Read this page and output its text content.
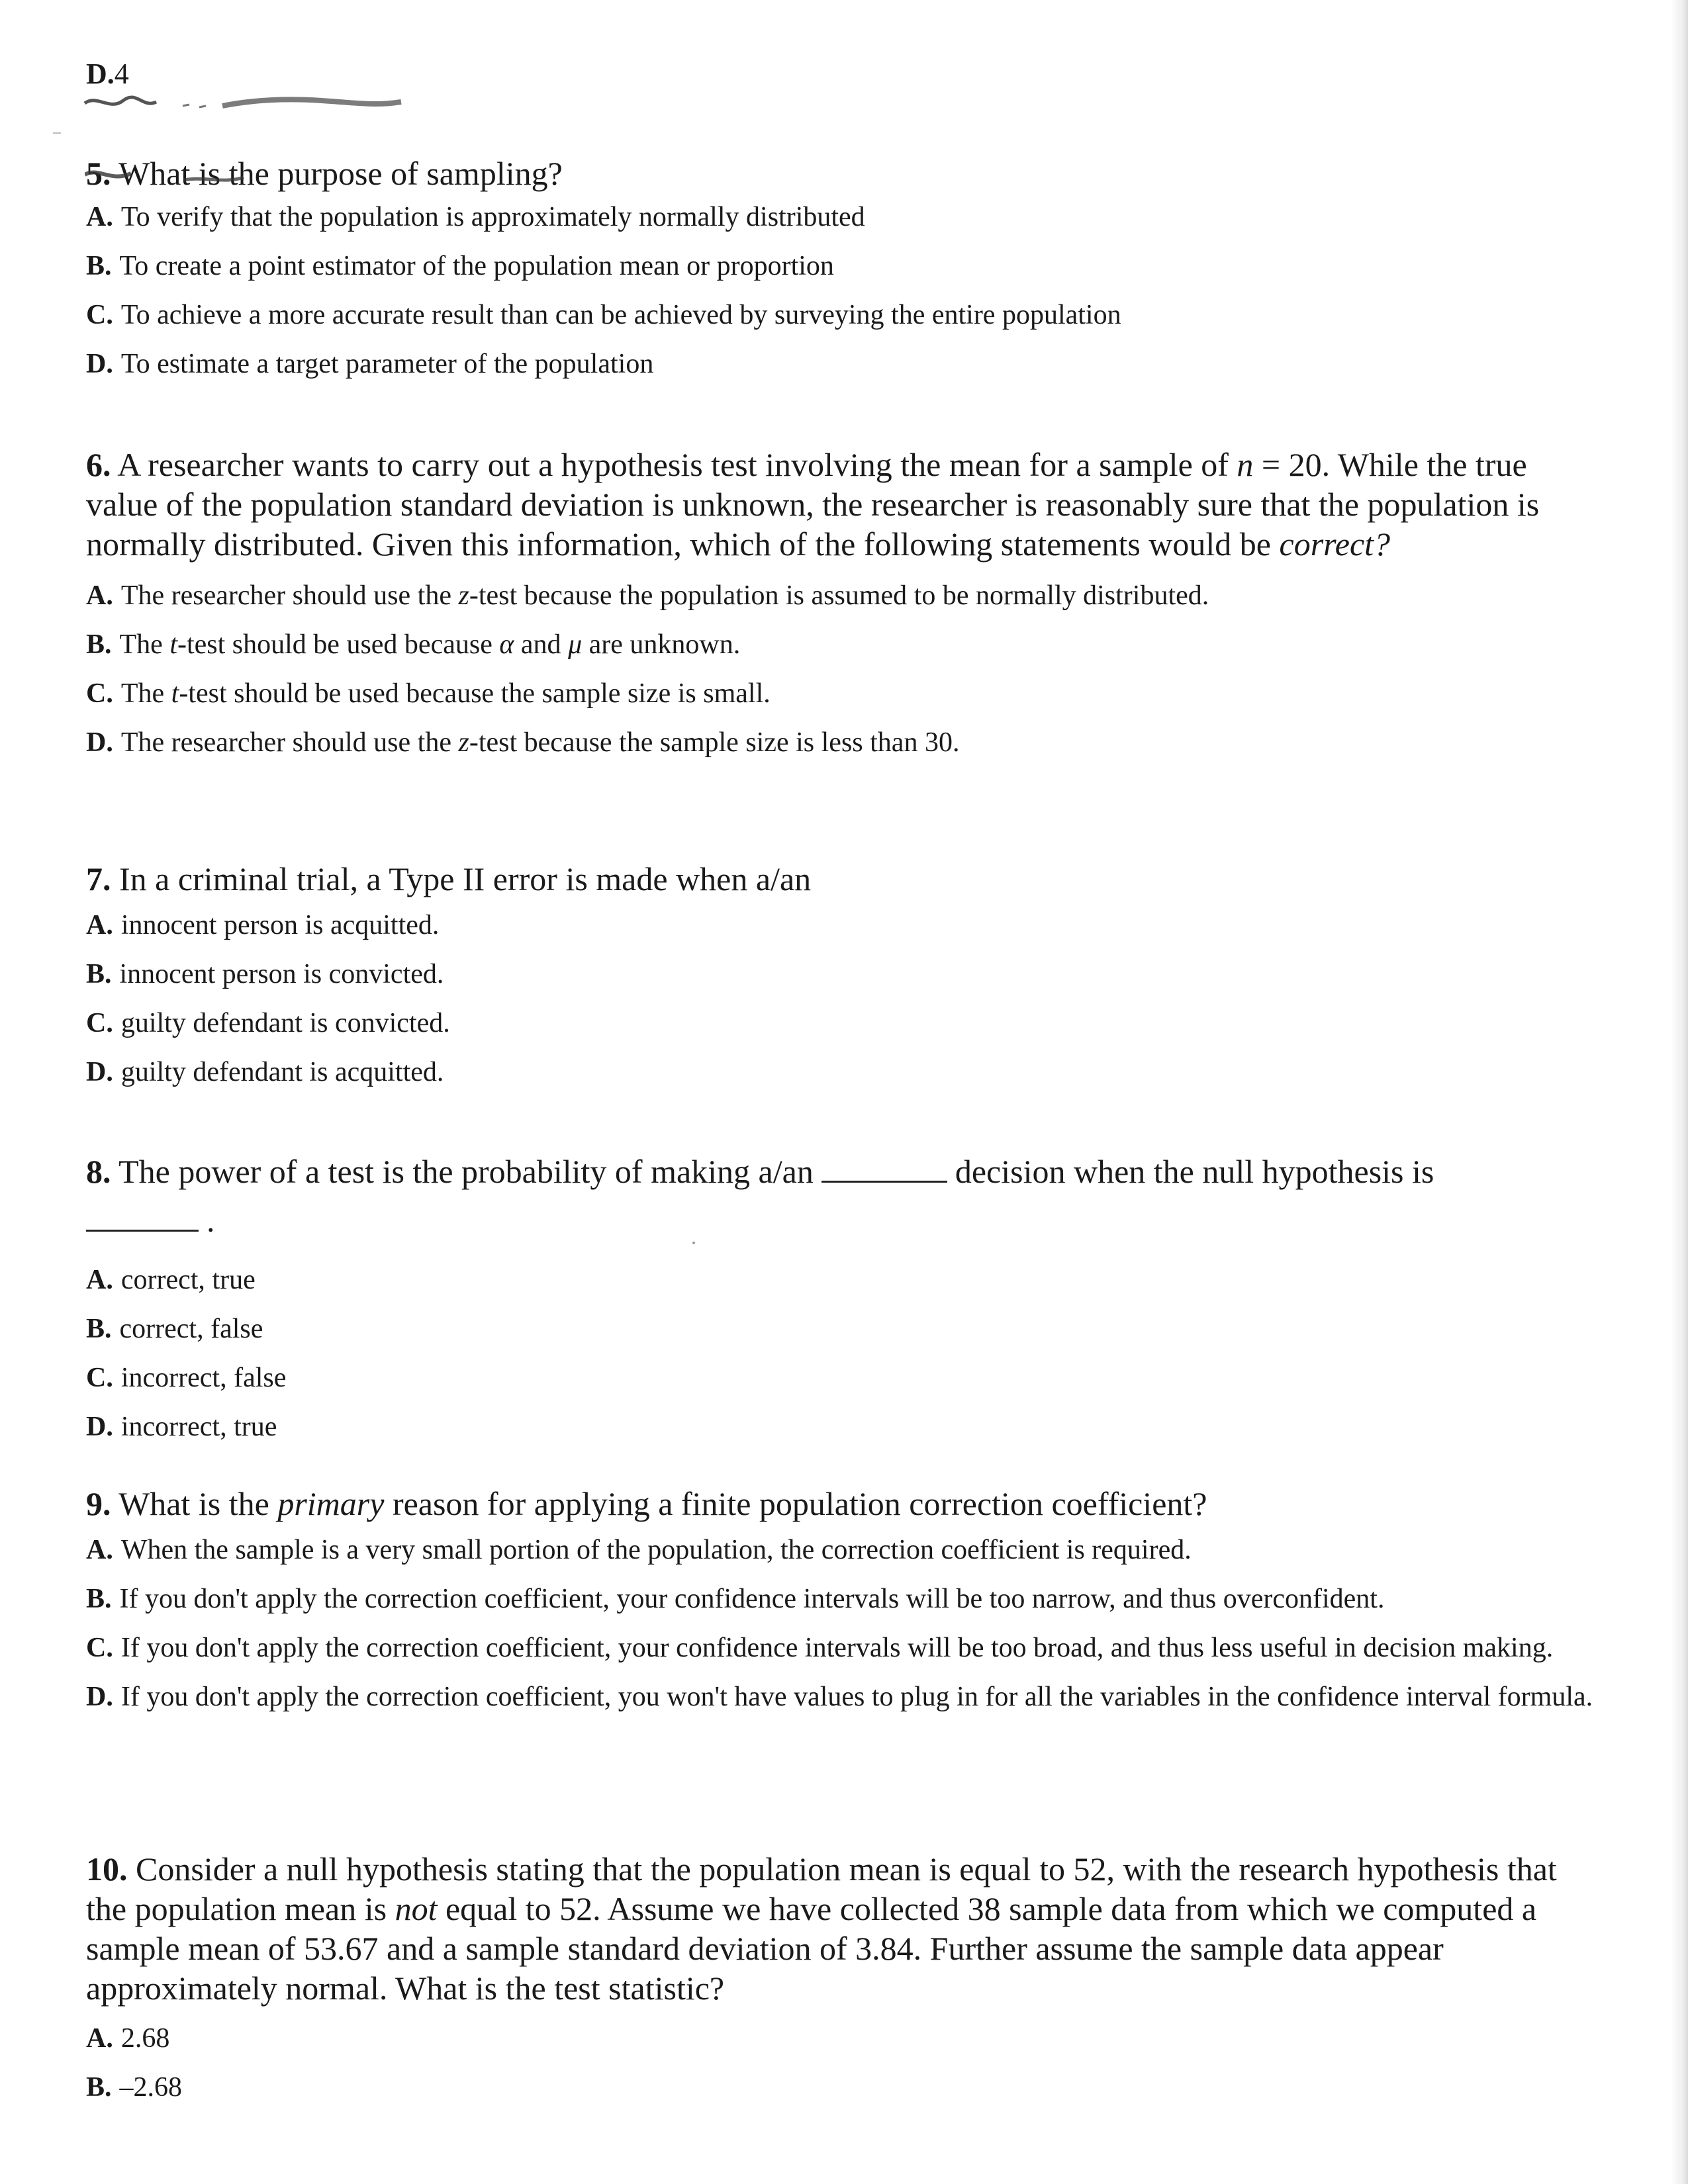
D.4

5. What is the purpose of sampling?

A. To verify that the population is approximately normally distributed

B. To create a point estimator of the population mean or proportion

C. To achieve a more accurate result than can be achieved by surveying the entire population

D. To estimate a target parameter of the population

6. A researcher wants to carry out a hypothesis test involving the mean for a sample of n = 20. While the true value of the population standard deviation is unknown, the researcher is reasonably sure that the population is normally distributed. Given this information, which of the following statements would be correct?

A. The researcher should use the z-test because the population is assumed to be normally distributed.

B. The t-test should be used because α and μ are unknown.

C. The t-test should be used because the sample size is small.

D. The researcher should use the z-test because the sample size is less than 30.

7. In a criminal trial, a Type II error is made when a/an

A. innocent person is acquitted.

B. innocent person is convicted.

C. guilty defendant is convicted.

D. guilty defendant is acquitted.

8. The power of a test is the probability of making a/an	decision when the null hypothesis is

.

A. correct, true

B. correct, false

C. incorrect, false

D. incorrect, true

9. What is the primary reason for applying a finite population correction coefficient?

A. When the sample is a very small portion of the population, the correction coefficient is required.

B. If you don't apply the correction coefficient, your confidence intervals will be too narrow, and thus overconfident.

C. If you don't apply the correction coefficient, your confidence intervals will be too broad, and thus less useful in decision making.

D. If you don't apply the correction coefficient, you won't have values to plug in for all the variables in the confidence interval formula.

10. Consider a null hypothesis stating that the population mean is equal to 52, with the research hypothesis that the population mean is not equal to 52. Assume we have collected 38 sample data from which we computed a sample mean of 53.67 and a sample standard deviation of 3.84. Further assume the sample data appear approximately normal. What is the test statistic?

A. 2.68

B. –2.68
